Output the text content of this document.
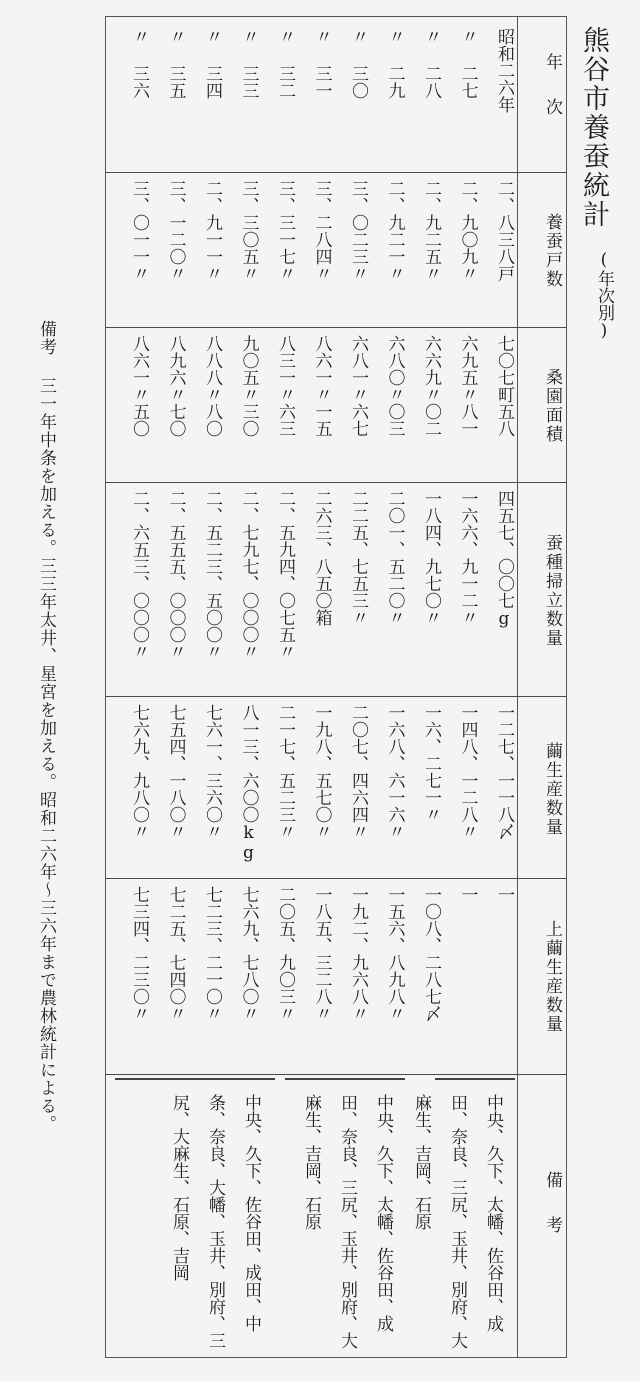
熊谷市養蚕統計
(年次別)
備考 三一年中条を加える。三三年太井、星宮を加える。昭和二六年〜三六年まで農林統計による。
年次
養蚕戸数
桑園面積
蚕種掃立数量
繭生産数量
上繭生産数量
備考
昭和二六年
二、八三八戸
七〇七町五八
四五七、〇〇七g
一二七、一一八〆
一
〃 二七
二、九〇九〃
六九五〃八一
一六六、九一二〃
一四八、一二八〃
一
〃 二八
二、九二五〃
六六九〃〇二
一八四、九七〇〃
一六、二七一〃
一〇八、二八七〆
〃 二九
二、九二一〃
六八〇〃〇三
二〇一、五二〇〃
一六八、六一六〃
一五六、八九八〃
〃 三〇
三、〇二三〃
六八一〃六七
二二五、七五三〃
二〇七、四六四〃
一九二、九六八〃
〃 三一
三、二八四〃
八六一〃一五
二六三、八五〇箱
一九八、五七〇〃
一八五、三二八〃
〃 三二
三、三一七〃
八三一〃六三
二、五九四、〇七五〃
二一七、五二三〃
二〇五、九〇三〃
〃 三三
三、三〇五〃
九〇五〃三〇
二、七九七、〇〇〇〃
八一三、六〇〇kg
七六九、七八〇〃
〃 三四
二、九一一〃
八八八〃八〇
二、五二三、五〇〇〃
七六一、三六〇〃
七二三、二一〇〃
〃 三五
三、一二〇〃
八九六〃七〇
二、五五五、〇〇〇〃
七五四、一八〇〃
七二五、七四〇〃
〃 三六
三、〇一一〃
八六一〃五〇
二、六五三、〇〇〇〃
七六九、九八〇〃
七三四、二三〇〃
中央、久下、太幡、佐谷田、成田、奈良、三尻、玉井、別府、大麻生、吉岡、石原
中央、久下、太幡、佐谷田、成田、奈良、三尻、玉井、別府、大麻生、吉岡、石原
中央、久下、佐谷田、成田、中条、奈良、大幡、玉井、別府、三尻、大麻生、石原、吉岡
